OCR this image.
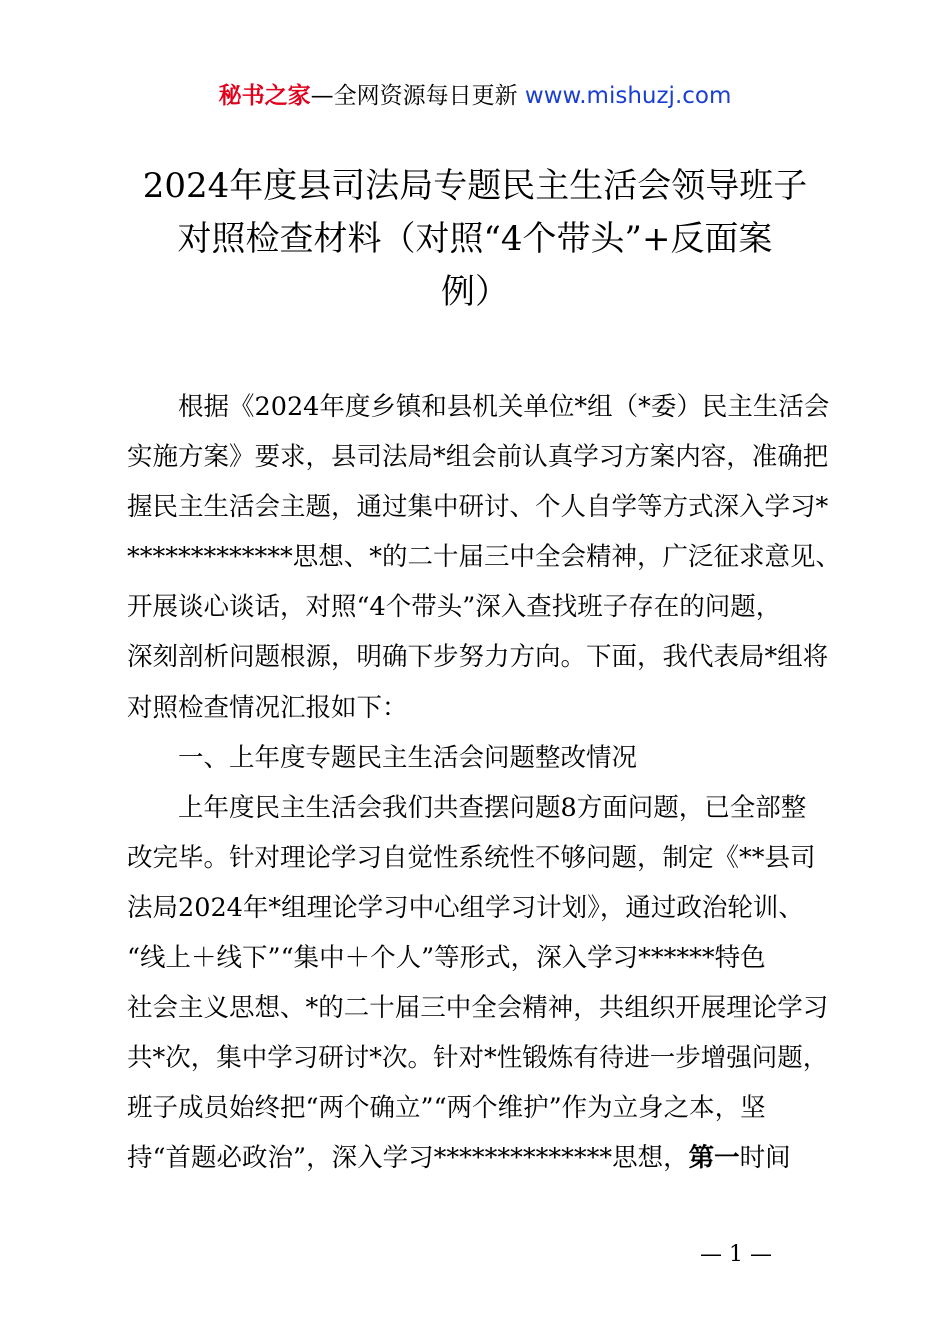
秘书之家—全网资源每日更新 www.mishuzj.com
2024年度县司法局专题民主生活会领导班子
对照检查材料（对照“4个带头”+反面案
例）
根据《2024年度乡镇和县机关单位*组（*委）民主生活会
实施方案》要求，县司法局*组会前认真学习方案内容，准确把
握民主生活会主题，通过集中研讨、个人自学等方式深入学习*
*************思想、*的二十届三中全会精神，广泛征求意见、
开展谈心谈话，对照“4个带头”深入查找班子存在的问题，
深刻剖析问题根源，明确下步努力方向。下面，我代表局*组将
对照检查情况汇报如下：
一、上年度专题民主生活会问题整改情况
上年度民主生活会我们共查摆问题8方面问题，已全部整
改完毕。针对理论学习自觉性系统性不够问题，制定《**县司
法局2024年*组理论学习中心组学习计划》，通过政治轮训、
“线上＋线下”“集中＋个人”等形式，深入学习******特色
社会主义思想、*的二十届三中全会精神，共组织开展理论学习
共*次，集中学习研讨*次。针对*性锻炼有待进一步增强问题，
班子成员始终把“两个确立”“两个维护”作为立身之本，坚
持“首题必政治”，深入学习**************思想，第一时间
— 1 —
